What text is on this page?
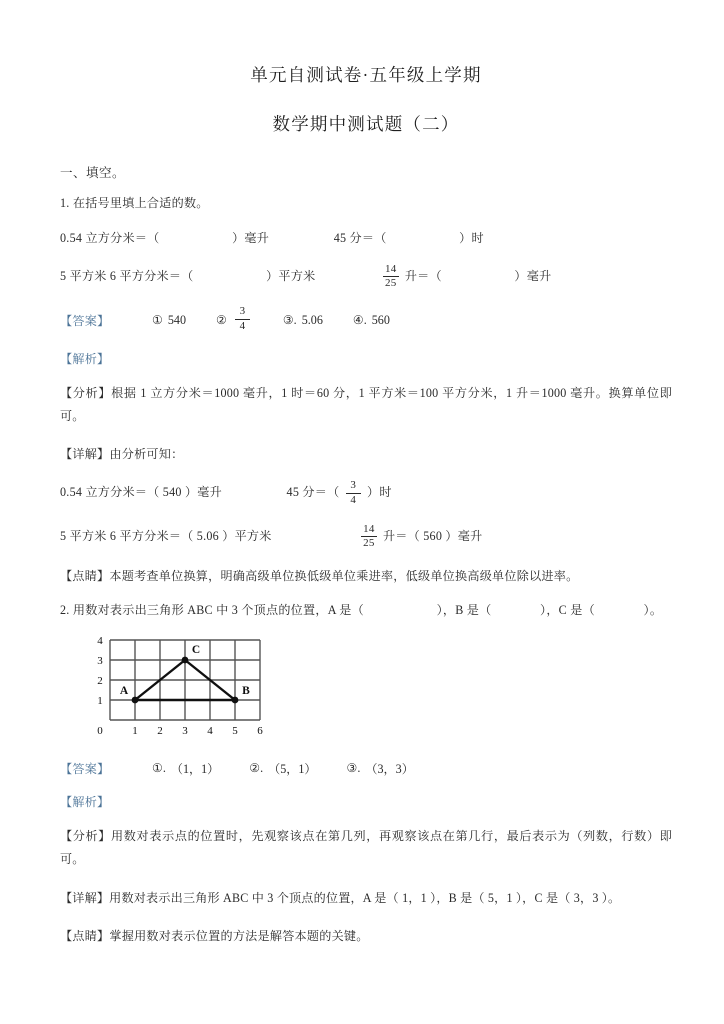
单元自测试卷·五年级上学期
数学期中测试题（二）
一、填空。
1. 在括号里填上合适的数。
0.54 立方分米＝（	）毫升	45 分＝（	）时
5 平方米 6 平方分米＝（	）平方米	$\frac{14}{25}$ 升＝（	）毫升
【答案】	① 540 ② $\frac{3}{4}$	③. 5.06 ④. 560
【解析】
【分析】根据 1 立方分米＝1000 毫升，1 时＝60 分，1 平方米＝100 平方分米，1 升＝1000 毫升。换算单位即可。
【详解】由分析可知：
0.54 立方分米＝（ 540 ）毫升	45 分＝（ $\frac{3}{4}$ ）时
5 平方米 6 平方分米＝（ 5.06 ）平方米	$\frac{14}{25}$ 升＝（ 560 ）毫升
【点睛】本题考查单位换算，明确高级单位换低级单位乘进率，低级单位换高级单位除以进率。
2. 用数对表示出三角形 ABC 中 3 个顶点的位置，A 是（	），B 是（	），C 是（	）。
A	B
C
0
1
2
3
4
1 2 3 4 5 6
【答案】	①. （1，1） ②. （5，1） ③. （3，3）
【解析】
【分析】用数对表示点的位置时，先观察该点在第几列，再观察该点在第几行，最后表示为（列数，行数）即可。
【详解】用数对表示出三角形 ABC 中 3 个顶点的位置，A 是（ 1，1 ），B 是（ 5，1 ），C 是（ 3，3 ）。
【点睛】掌握用数对表示位置的方法是解答本题的关键。
